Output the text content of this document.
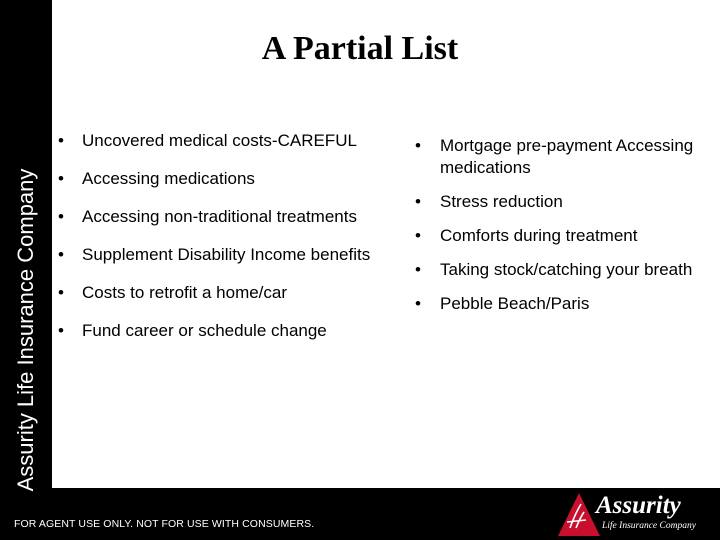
Assurity Life Insurance Company
A Partial List
• Uncovered medical costs-CAREFUL
• Accessing medications
• Accessing non-traditional treatments
• Supplement Disability Income benefits
• Costs to retrofit a home/car
• Fund career or schedule change
• Mortgage pre-payment Accessing medications
• Stress reduction
• Comforts during treatment
• Taking stock/catching your breath
• Pebble Beach/Paris
FOR AGENT USE ONLY. NOT FOR USE WITH CONSUMERS.
Assurity
Life Insurance Company
